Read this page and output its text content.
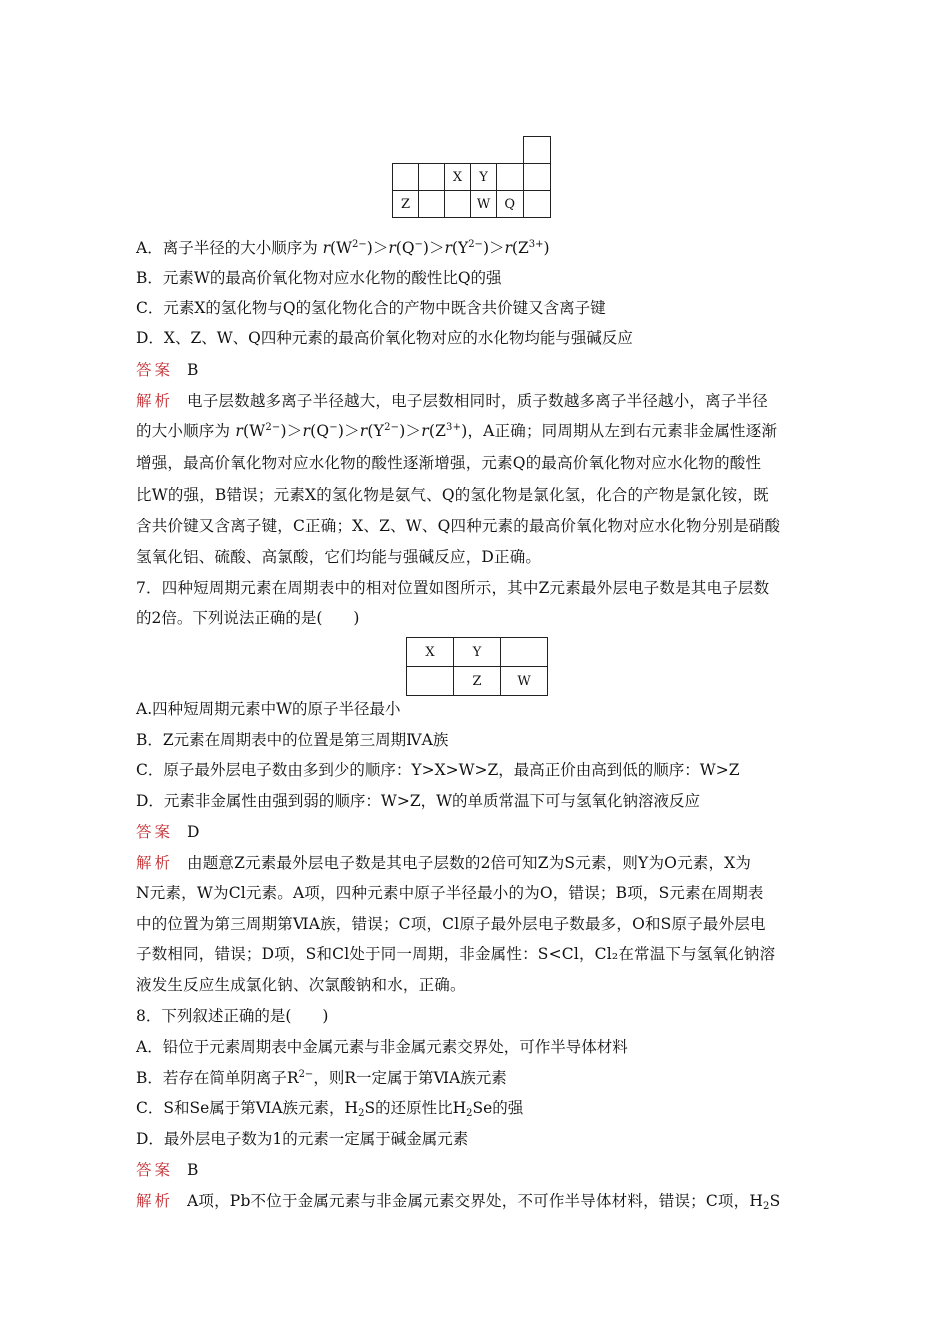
		X	Y		
Z			W	Q	
A．离子半径的大小顺序为 $r(W^{2-})>r(Q^-)>r(Y^{2-})>r(Z^{3+})$
B．元素W的最高价氧化物对应水化物的酸性比Q的强
C．元素X的氢化物与Q的氢化物化合的产物中既含共价键又含离子键
D．X、Z、W、Q四种元素的最高价氧化物对应的水化物均能与强碱反应
答案 B
解析 电子层数越多离子半径越大，电子层数相同时，质子数越多离子半径越小，离子半径
的大小顺序为 $r(W^{2-})>r(Q^-)>r(Y^{2-})>r(Z^{3+})$，A正确；同周期从左到右元素非金属性逐渐
增强，最高价氧化物对应水化物的酸性逐渐增强，元素Q的最高价氧化物对应水化物的酸性
比W的强，B错误；元素X的氢化物是氨气、Q的氢化物是氯化氢，化合的产物是氯化铵，既
含共价键又含离子键，C正确；X、Z、W、Q四种元素的最高价氧化物对应水化物分别是硝酸
氢氧化铝、硫酸、高氯酸，它们均能与强碱反应，D正确。
7．四种短周期元素在周期表中的相对位置如图所示，其中Z元素最外层电子数是其电子层数
的2倍。下列说法正确的是(　　)
X	Y	
	Z	W
A.四种短周期元素中W的原子半径最小
B．Z元素在周期表中的位置是第三周期ⅣA族
C．原子最外层电子数由多到少的顺序：Y>X>W>Z，最高正价由高到低的顺序：W>Z
D．元素非金属性由强到弱的顺序：W>Z，W的单质常温下可与氢氧化钠溶液反应
答案 D
解析 由题意Z元素最外层电子数是其电子层数的2倍可知Z为S元素，则Y为O元素，X为
N元素，W为Cl元素。A项，四种元素中原子半径最小的为O，错误；B项，S元素在周期表
中的位置为第三周期第ⅥA族，错误；C项，Cl原子最外层电子数最多，O和S原子最外层电
子数相同，错误；D项，S和Cl处于同一周期，非金属性：S<Cl，Cl₂在常温下与氢氧化钠溶
液发生反应生成氯化钠、次氯酸钠和水，正确。
8．下列叙述正确的是(　　)
A．铅位于元素周期表中金属元素与非金属元素交界处，可作半导体材料
B．若存在简单阴离子$R^{2-}$，则R一定属于第ⅥA族元素
C．S和Se属于第ⅥA族元素，$H_2S$的还原性比$H_2Se$的强
D．最外层电子数为1的元素一定属于碱金属元素
答案 B
解析 A项，Pb不位于金属元素与非金属元素交界处，不可作半导体材料，错误；C项，$H_2S$
